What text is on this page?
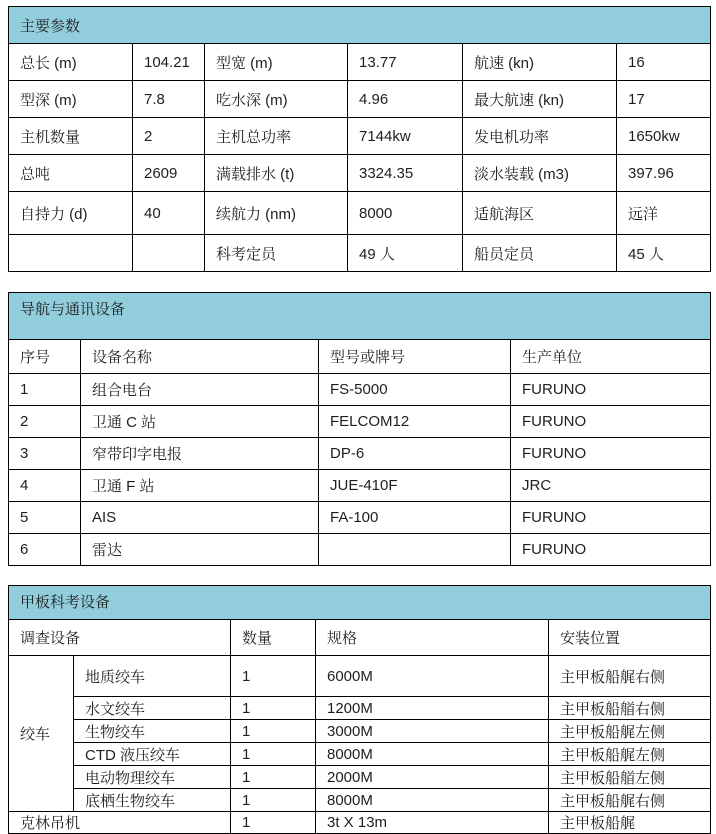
主要参数					
总长 (m)	104.21	型宽 (m)	13.77	航速 (kn)	16
型深 (m)	7.8	吃水深 (m)	4.96	最大航速 (kn)	17
主机数量	2	主机总功率	7144kw	发电机功率	1650kw
总吨	2609	满载排水 (t)	3324.35	淡水装载 (m3)	397.96
自持力 (d)	40	续航力 (nm)	8000	适航海区	远洋
		科考定员	49 人	船员定员	45 人
导航与通讯设备			
序号	设备名称	型号或牌号	生产单位
1	组合电台	FS-5000	FURUNO
2	卫通 C 站	FELCOM12	FURUNO
3	窄带印字电报	DP-6	FURUNO
4	卫通 F 站	JUE-410F	JRC
5	AIS	FA-100	FURUNO
6	雷达		FURUNO
甲板科考设备				
调查设备		数量	规格	安装位置
绞车	地质绞车	1	6000M	主甲板船艉右侧
	水文绞车	1	1200M	主甲板船艏右侧
	生物绞车	1	3000M	主甲板船艉左侧
	CTD 液压绞车	1	8000M	主甲板船艉左侧
	电动物理绞车	1	2000M	主甲板船艏左侧
	底栖生物绞车	1	8000M	主甲板船艉右侧
克林吊机		1	3t X 13m	主甲板船艉
